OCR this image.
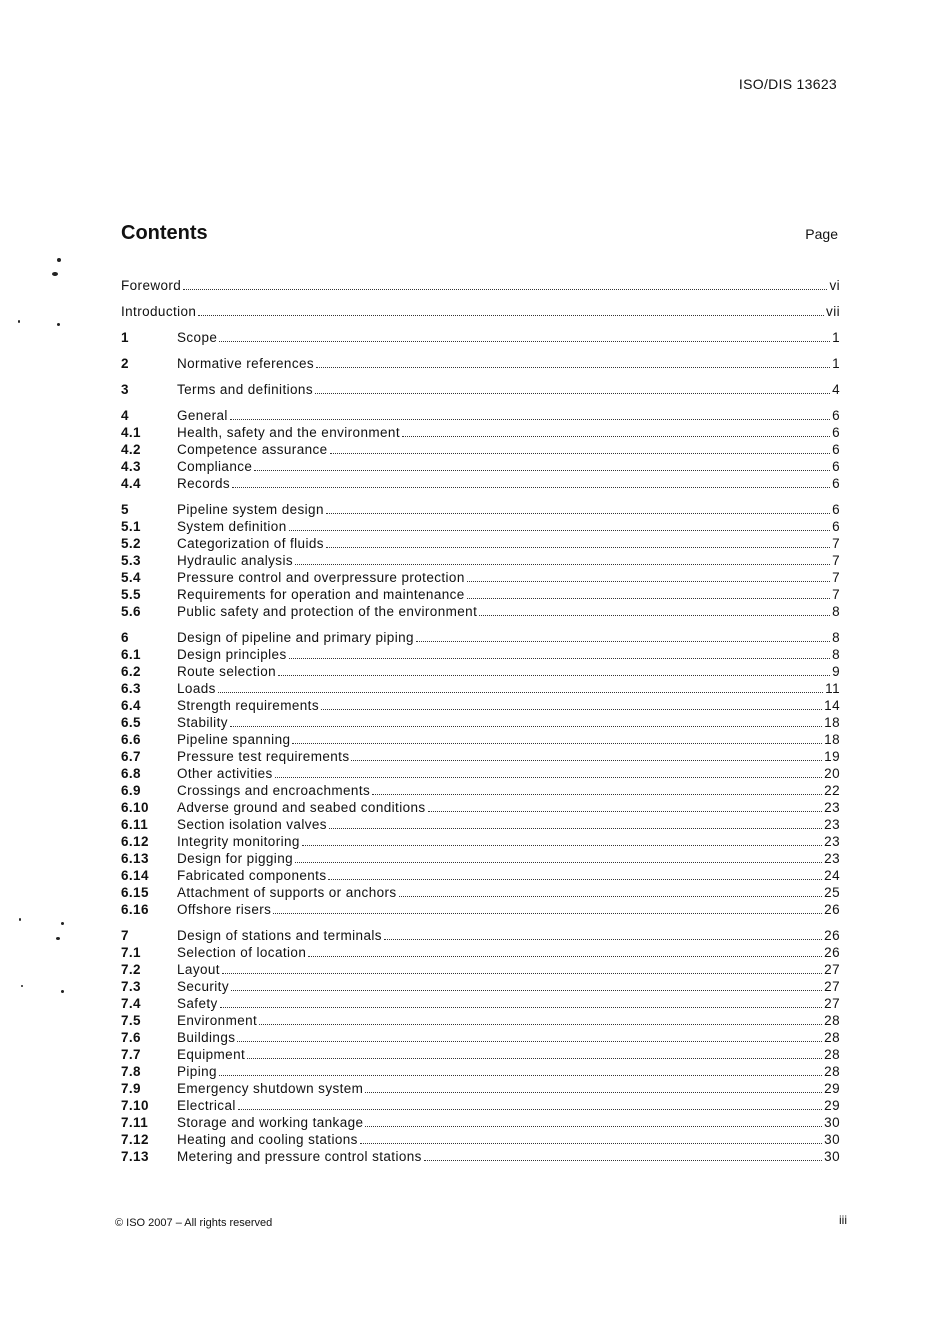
ISO/DIS 13623
Contents	Page
Foreword	vi
Introduction	vii
1	Scope	1
2	Normative references	1
3	Terms and definitions	4
4	General	6
4.1	Health, safety and the environment	6
4.2	Competence assurance	6
4.3	Compliance	6
4.4	Records	6
5	Pipeline system design	6
5.1	System definition	6
5.2	Categorization of fluids	7
5.3	Hydraulic analysis	7
5.4	Pressure control and overpressure protection	7
5.5	Requirements for operation and maintenance	7
5.6	Public safety and protection of the environment	8
6	Design of pipeline and primary piping	8
6.1	Design principles	8
6.2	Route selection	9
6.3	Loads	11
6.4	Strength requirements	14
6.5	Stability	18
6.6	Pipeline spanning	18
6.7	Pressure test requirements	19
6.8	Other activities	20
6.9	Crossings and encroachments	22
6.10	Adverse ground and seabed conditions	23
6.11	Section isolation valves	23
6.12	Integrity monitoring	23
6.13	Design for pigging	23
6.14	Fabricated components	24
6.15	Attachment of supports or anchors	25
6.16	Offshore risers	26
7	Design of stations and terminals	26
7.1	Selection of location	26
7.2	Layout	27
7.3	Security	27
7.4	Safety	27
7.5	Environment	28
7.6	Buildings	28
7.7	Equipment	28
7.8	Piping	28
7.9	Emergency shutdown system	29
7.10	Electrical	29
7.11	Storage and working tankage	30
7.12	Heating and cooling stations	30
7.13	Metering and pressure control stations	30
© ISO 2007 – All rights reserved	iii
